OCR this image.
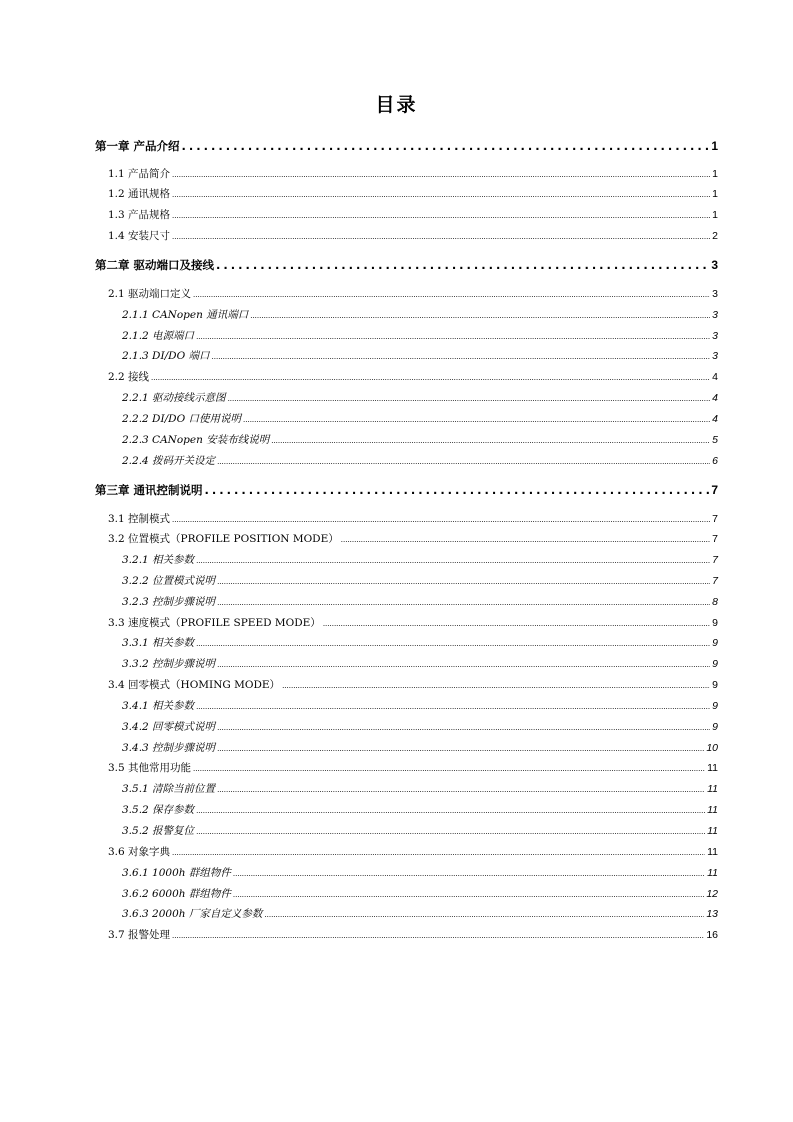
目录
第一章 产品介绍 .....	1
1.1 产品简介 .....	1
1.2 通讯规格 .....	1
1.3 产品规格 .....	1
1.4 安装尺寸 .....	2
第二章 驱动端口及接线 .....	3
2.1 驱动端口定义 .....	3
2.1.1 CANopen 通讯端口 .....	3
2.1.2 电源端口 .....	3
2.1.3 DI/DO 端口 .....	3
2.2 接线 .....	4
2.2.1 驱动接线示意图 .....	4
2.2.2 DI/DO 口使用说明 .....	4
2.2.3 CANopen 安装布线说明 .....	5
2.2.4 拨码开关设定 .....	6
第三章 通讯控制说明 .....	7
3.1 控制模式 .....	7
3.2 位置模式（PROFILE POSITION MODE） .....	7
3.2.1 相关参数 .....	7
3.2.2 位置模式说明 .....	7
3.2.3 控制步骤说明 .....	8
3.3 速度模式（PROFILE SPEED MODE） .....	9
3.3.1 相关参数 .....	9
3.3.2 控制步骤说明 .....	9
3.4 回零模式（HOMING MODE） .....	9
3.4.1 相关参数 .....	9
3.4.2 回零模式说明 .....	9
3.4.3 控制步骤说明 .....	10
3.5 其他常用功能 .....	11
3.5.1 清除当前位置 .....	11
3.5.2 保存参数 .....	11
3.5.2 报警复位 .....	11
3.6 对象字典 .....	11
3.6.1 1000h 群组物件 .....	11
3.6.2 6000h 群组物件 .....	12
3.6.3 2000h 厂家自定义参数 .....	13
3.7 报警处理 .....	16
